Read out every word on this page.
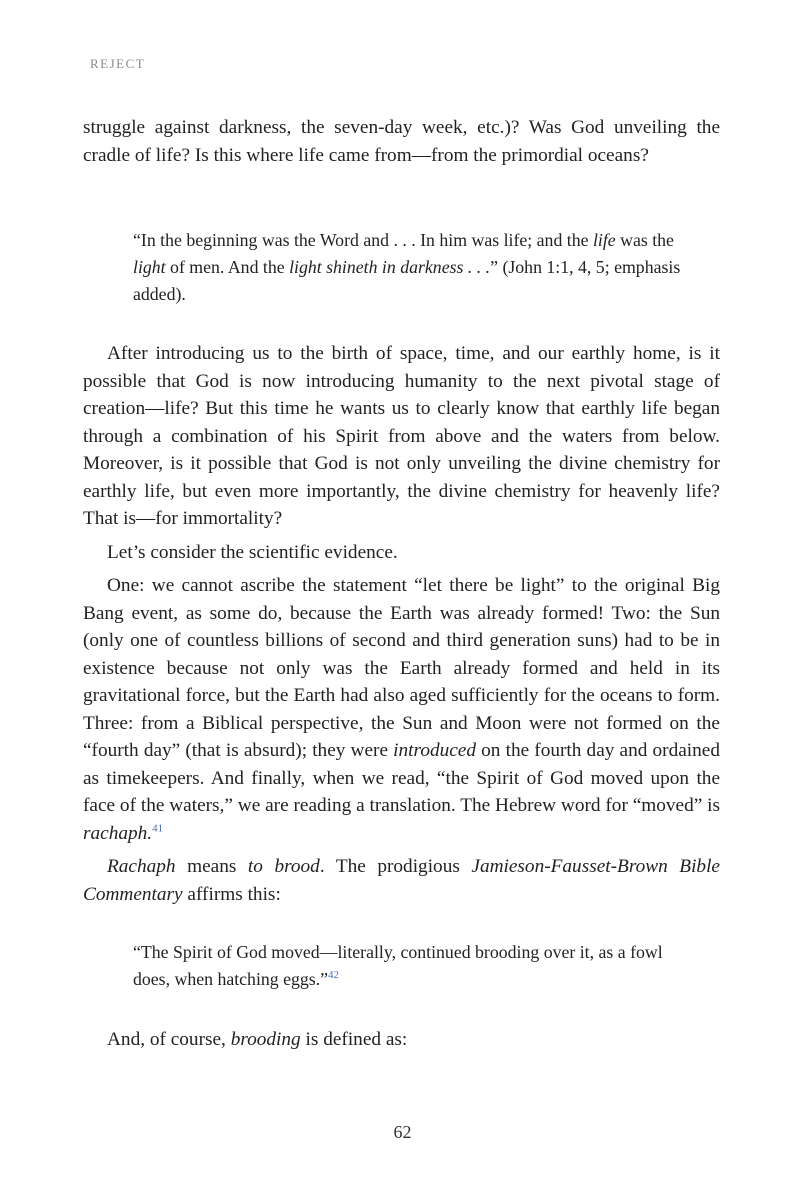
REJECT

struggle against darkness, the seven-day week, etc.)? Was God unveiling the cradle of life? Is this where life came from—from the primordial oceans?

“In the beginning was the Word and . . . In him was life; and the life was the light of men. And the light shineth in darkness . . .” (John 1:1, 4, 5; emphasis added).

After introducing us to the birth of space, time, and our earthly home, is it possible that God is now introducing humanity to the next pivotal stage of creation—life? But this time he wants us to clearly know that earthly life began through a combination of his Spirit from above and the waters from below. Moreover, is it possible that God is not only unveiling the divine chemistry for earthly life, but even more importantly, the divine chemistry for heavenly life? That is—for immortality?

Let’s consider the scientific evidence.

One: we cannot ascribe the statement “let there be light” to the original Big Bang event, as some do, because the Earth was already formed! Two: the Sun (only one of countless billions of second and third generation suns) had to be in existence because not only was the Earth already formed and held in its gravitational force, but the Earth had also aged sufficiently for the oceans to form. Three: from a Biblical perspective, the Sun and Moon were not formed on the “fourth day” (that is absurd); they were introduced on the fourth day and ordained as timekeepers. And finally, when we read, “the Spirit of God moved upon the face of the waters,” we are reading a translation. The Hebrew word for “moved” is rachaph.$^{41}$

Rachaph means to brood. The prodigious Jamieson-Fausset-Brown Bible Commentary affirms this:

“The Spirit of God moved—literally, continued brooding over it, as a fowl does, when hatching eggs.”$^{42}$

And, of course, brooding is defined as:

62
